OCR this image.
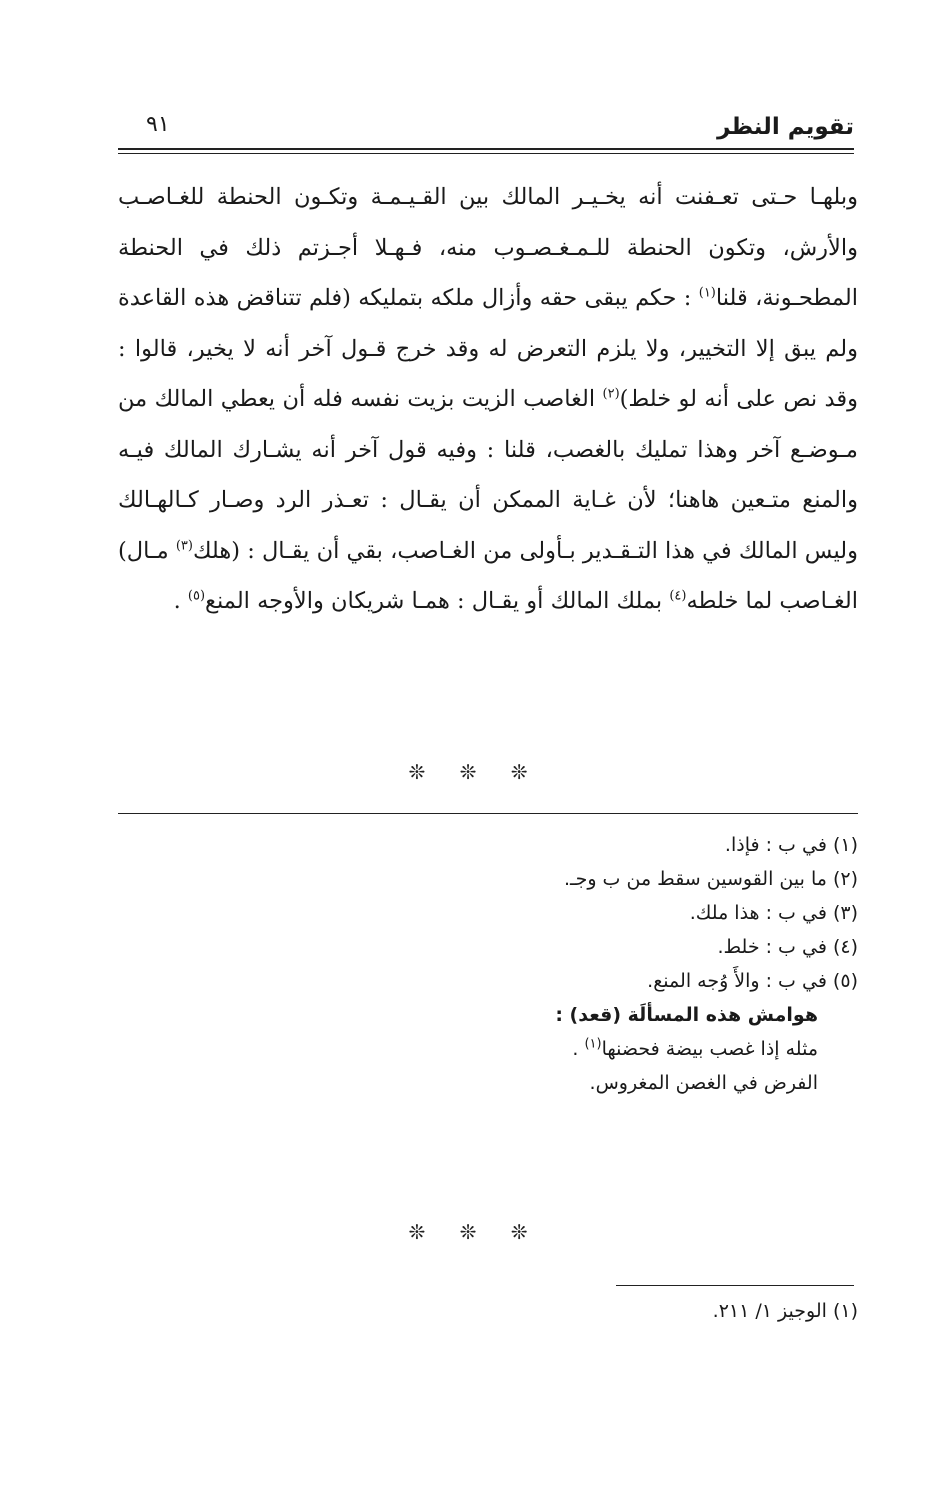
تقويم النظر
٩١

وبلهـا حـتى تعـفنت أنه يخـيـر المالك بين القـيـمـة وتكـون الحنطة للغـاصـب والأرش، وتكون الحنطة للـمـغـصـوب منه، فـهـلا أجـزتم ذلك في الحنطة المطحـونة، قلنا$^{(١)}$ : حكم يبقى حقه وأزال ملكه بتمليكه (فلم تتناقض هذه القاعدة ولم يبق إلا التخيير، ولا يلزم التعرض له وقد خرج قـول آخر أنه لا يخير، قالوا : وقد نص على أنه لو خلط)$^{(٢)}$ الغاصب الزيت بزيت نفسه فله أن يعطي المالك من مـوضـع آخر وهذا تمليك بالغصب، قلنا : وفيه قول آخر أنه يشـارك المالك فيـه والمنع متـعين هاهنا؛ لأن غـاية الممكن أن يقـال : تعـذر الرد وصـار كـالهـالك وليس المالك في هذا التـقـدير بـأولى من الغـاصب، بقي أن يقـال : (هلك$^{(٣)}$ مـال) الغـاصب لما خلطه$^{(٤)}$ بملك المالك أو يقـال : همـا شريكان والأوجه المنع$^{(٥)}$ .

❊ ❊ ❊
(١) في ب : فإذا.
(٢) ما بين القوسين سقط من ب وجـ.
(٣) في ب : هذا ملك.
(٤) في ب : خلط.
(٥) في ب : والأَ وُجه المنع.
هوامش هذه المسألَة (قعد) :
مثله إذا غصب بيضة فحضنها$^{(١)}$ .
الفرض في الغصن المغروس.
❊ ❊ ❊
(١) الوجيز ١/ ٢١١.
